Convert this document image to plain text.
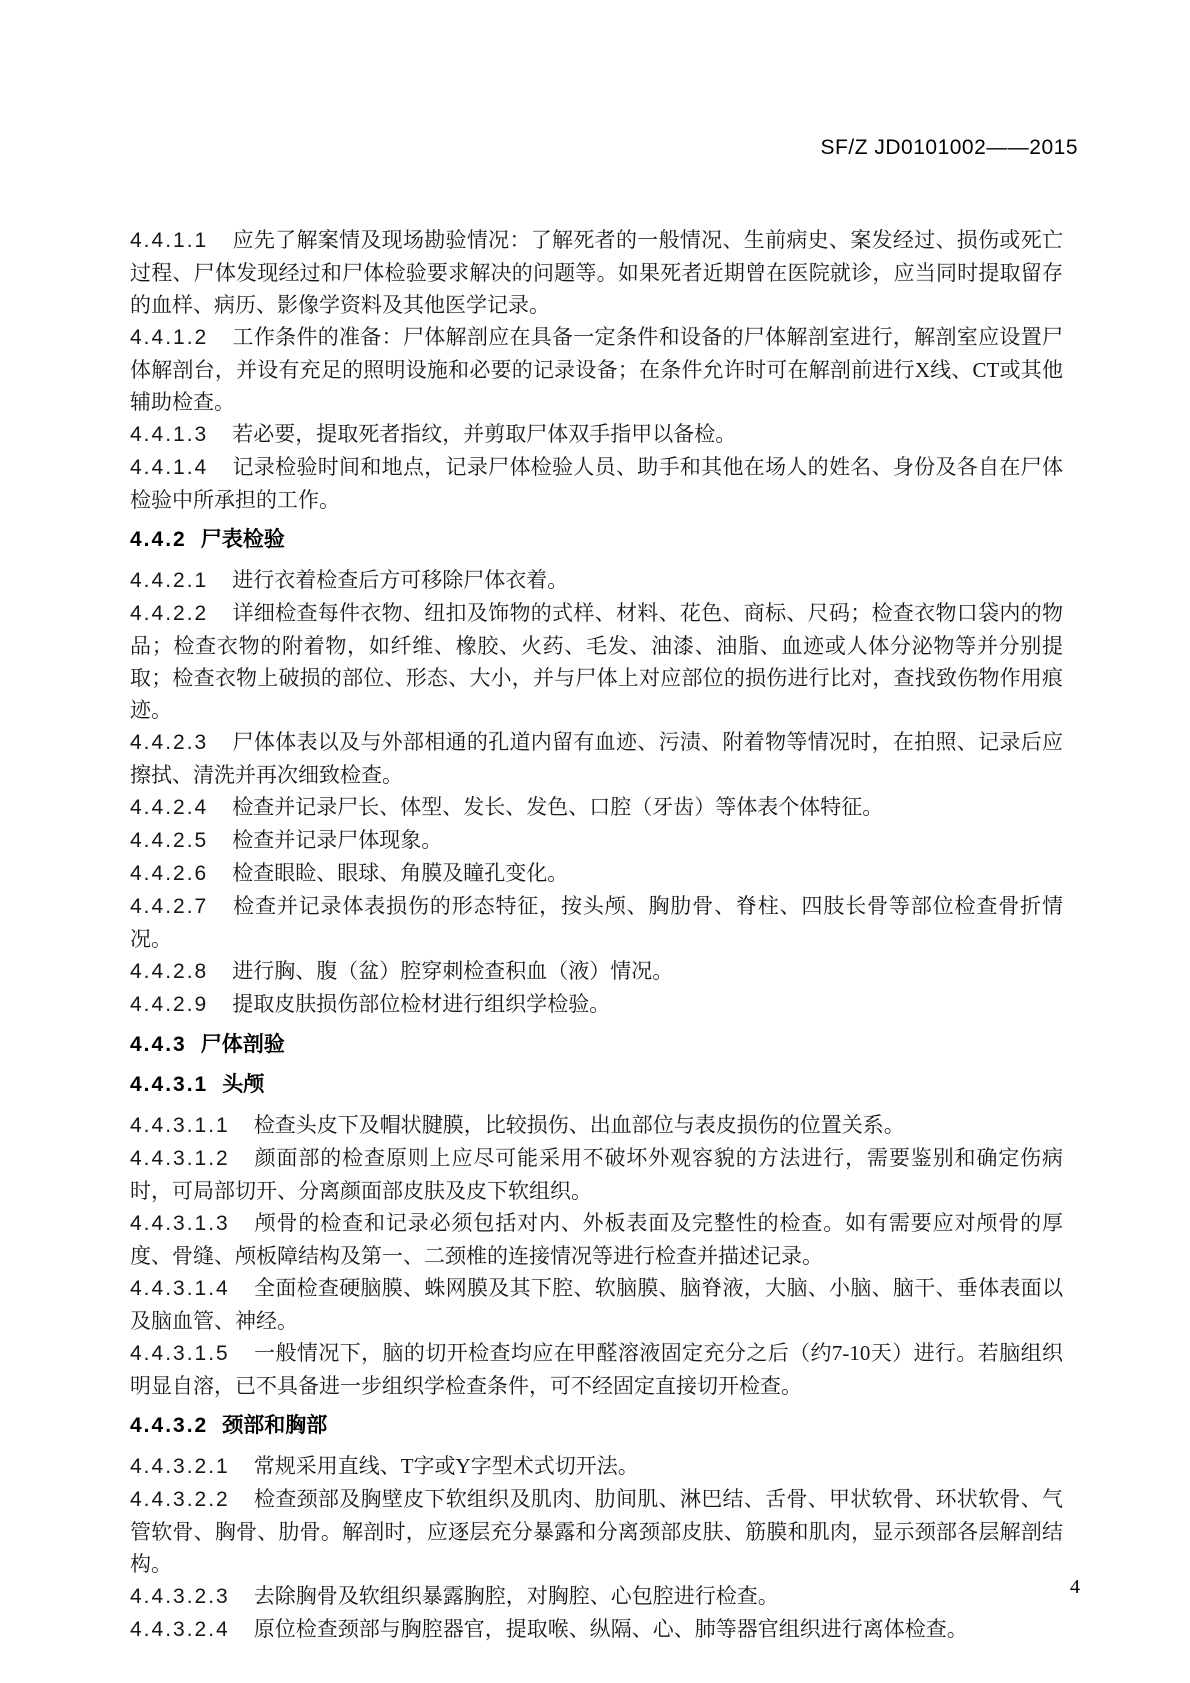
SF/Z JD0101002——2015
4.4.1.1 应先了解案情及现场勘验情况：了解死者的一般情况、生前病史、案发经过、损伤或死亡过程、尸体发现经过和尸体检验要求解决的问题等。如果死者近期曾在医院就诊，应当同时提取留存的血样、病历、影像学资料及其他医学记录。
4.4.1.2 工作条件的准备：尸体解剖应在具备一定条件和设备的尸体解剖室进行，解剖室应设置尸体解剖台，并设有充足的照明设施和必要的记录设备；在条件允许时可在解剖前进行X线、CT或其他辅助检查。
4.4.1.3 若必要，提取死者指纹，并剪取尸体双手指甲以备检。
4.4.1.4 记录检验时间和地点，记录尸体检验人员、助手和其他在场人的姓名、身份及各自在尸体检验中所承担的工作。
4.4.2 尸表检验
4.4.2.1 进行衣着检查后方可移除尸体衣着。
4.4.2.2 详细检查每件衣物、纽扣及饰物的式样、材料、花色、商标、尺码；检查衣物口袋内的物品；检查衣物的附着物，如纤维、橡胶、火药、毛发、油漆、油脂、血迹或人体分泌物等并分别提取；检查衣物上破损的部位、形态、大小，并与尸体上对应部位的损伤进行比对，查找致伤物作用痕迹。
4.4.2.3 尸体体表以及与外部相通的孔道内留有血迹、污渍、附着物等情况时，在拍照、记录后应擦拭、清洗并再次细致检查。
4.4.2.4 检查并记录尸长、体型、发长、发色、口腔（牙齿）等体表个体特征。
4.4.2.5 检查并记录尸体现象。
4.4.2.6 检查眼睑、眼球、角膜及瞳孔变化。
4.4.2.7 检查并记录体表损伤的形态特征，按头颅、胸肋骨、脊柱、四肢长骨等部位检查骨折情况。
4.4.2.8 进行胸、腹（盆）腔穿刺检查积血（液）情况。
4.4.2.9 提取皮肤损伤部位检材进行组织学检验。
4.4.3 尸体剖验
4.4.3.1 头颅
4.4.3.1.1 检查头皮下及帽状腱膜，比较损伤、出血部位与表皮损伤的位置关系。
4.4.3.1.2 颜面部的检查原则上应尽可能采用不破坏外观容貌的方法进行，需要鉴别和确定伤病时，可局部切开、分离颜面部皮肤及皮下软组织。
4.4.3.1.3 颅骨的检查和记录必须包括对内、外板表面及完整性的检查。如有需要应对颅骨的厚度、骨缝、颅板障结构及第一、二颈椎的连接情况等进行检查并描述记录。
4.4.3.1.4 全面检查硬脑膜、蛛网膜及其下腔、软脑膜、脑脊液，大脑、小脑、脑干、垂体表面以及脑血管、神经。
4.4.3.1.5 一般情况下，脑的切开检查均应在甲醛溶液固定充分之后（约7-10天）进行。若脑组织明显自溶，已不具备进一步组织学检查条件，可不经固定直接切开检查。
4.4.3.2 颈部和胸部
4.4.3.2.1 常规采用直线、T字或Y字型术式切开法。
4.4.3.2.2 检查颈部及胸壁皮下软组织及肌肉、肋间肌、淋巴结、舌骨、甲状软骨、环状软骨、气管软骨、胸骨、肋骨。解剖时，应逐层充分暴露和分离颈部皮肤、筋膜和肌肉，显示颈部各层解剖结构。
4.4.3.2.3 去除胸骨及软组织暴露胸腔，对胸腔、心包腔进行检查。
4.4.3.2.4 原位检查颈部与胸腔器官，提取喉、纵隔、心、肺等器官组织进行离体检查。
4
